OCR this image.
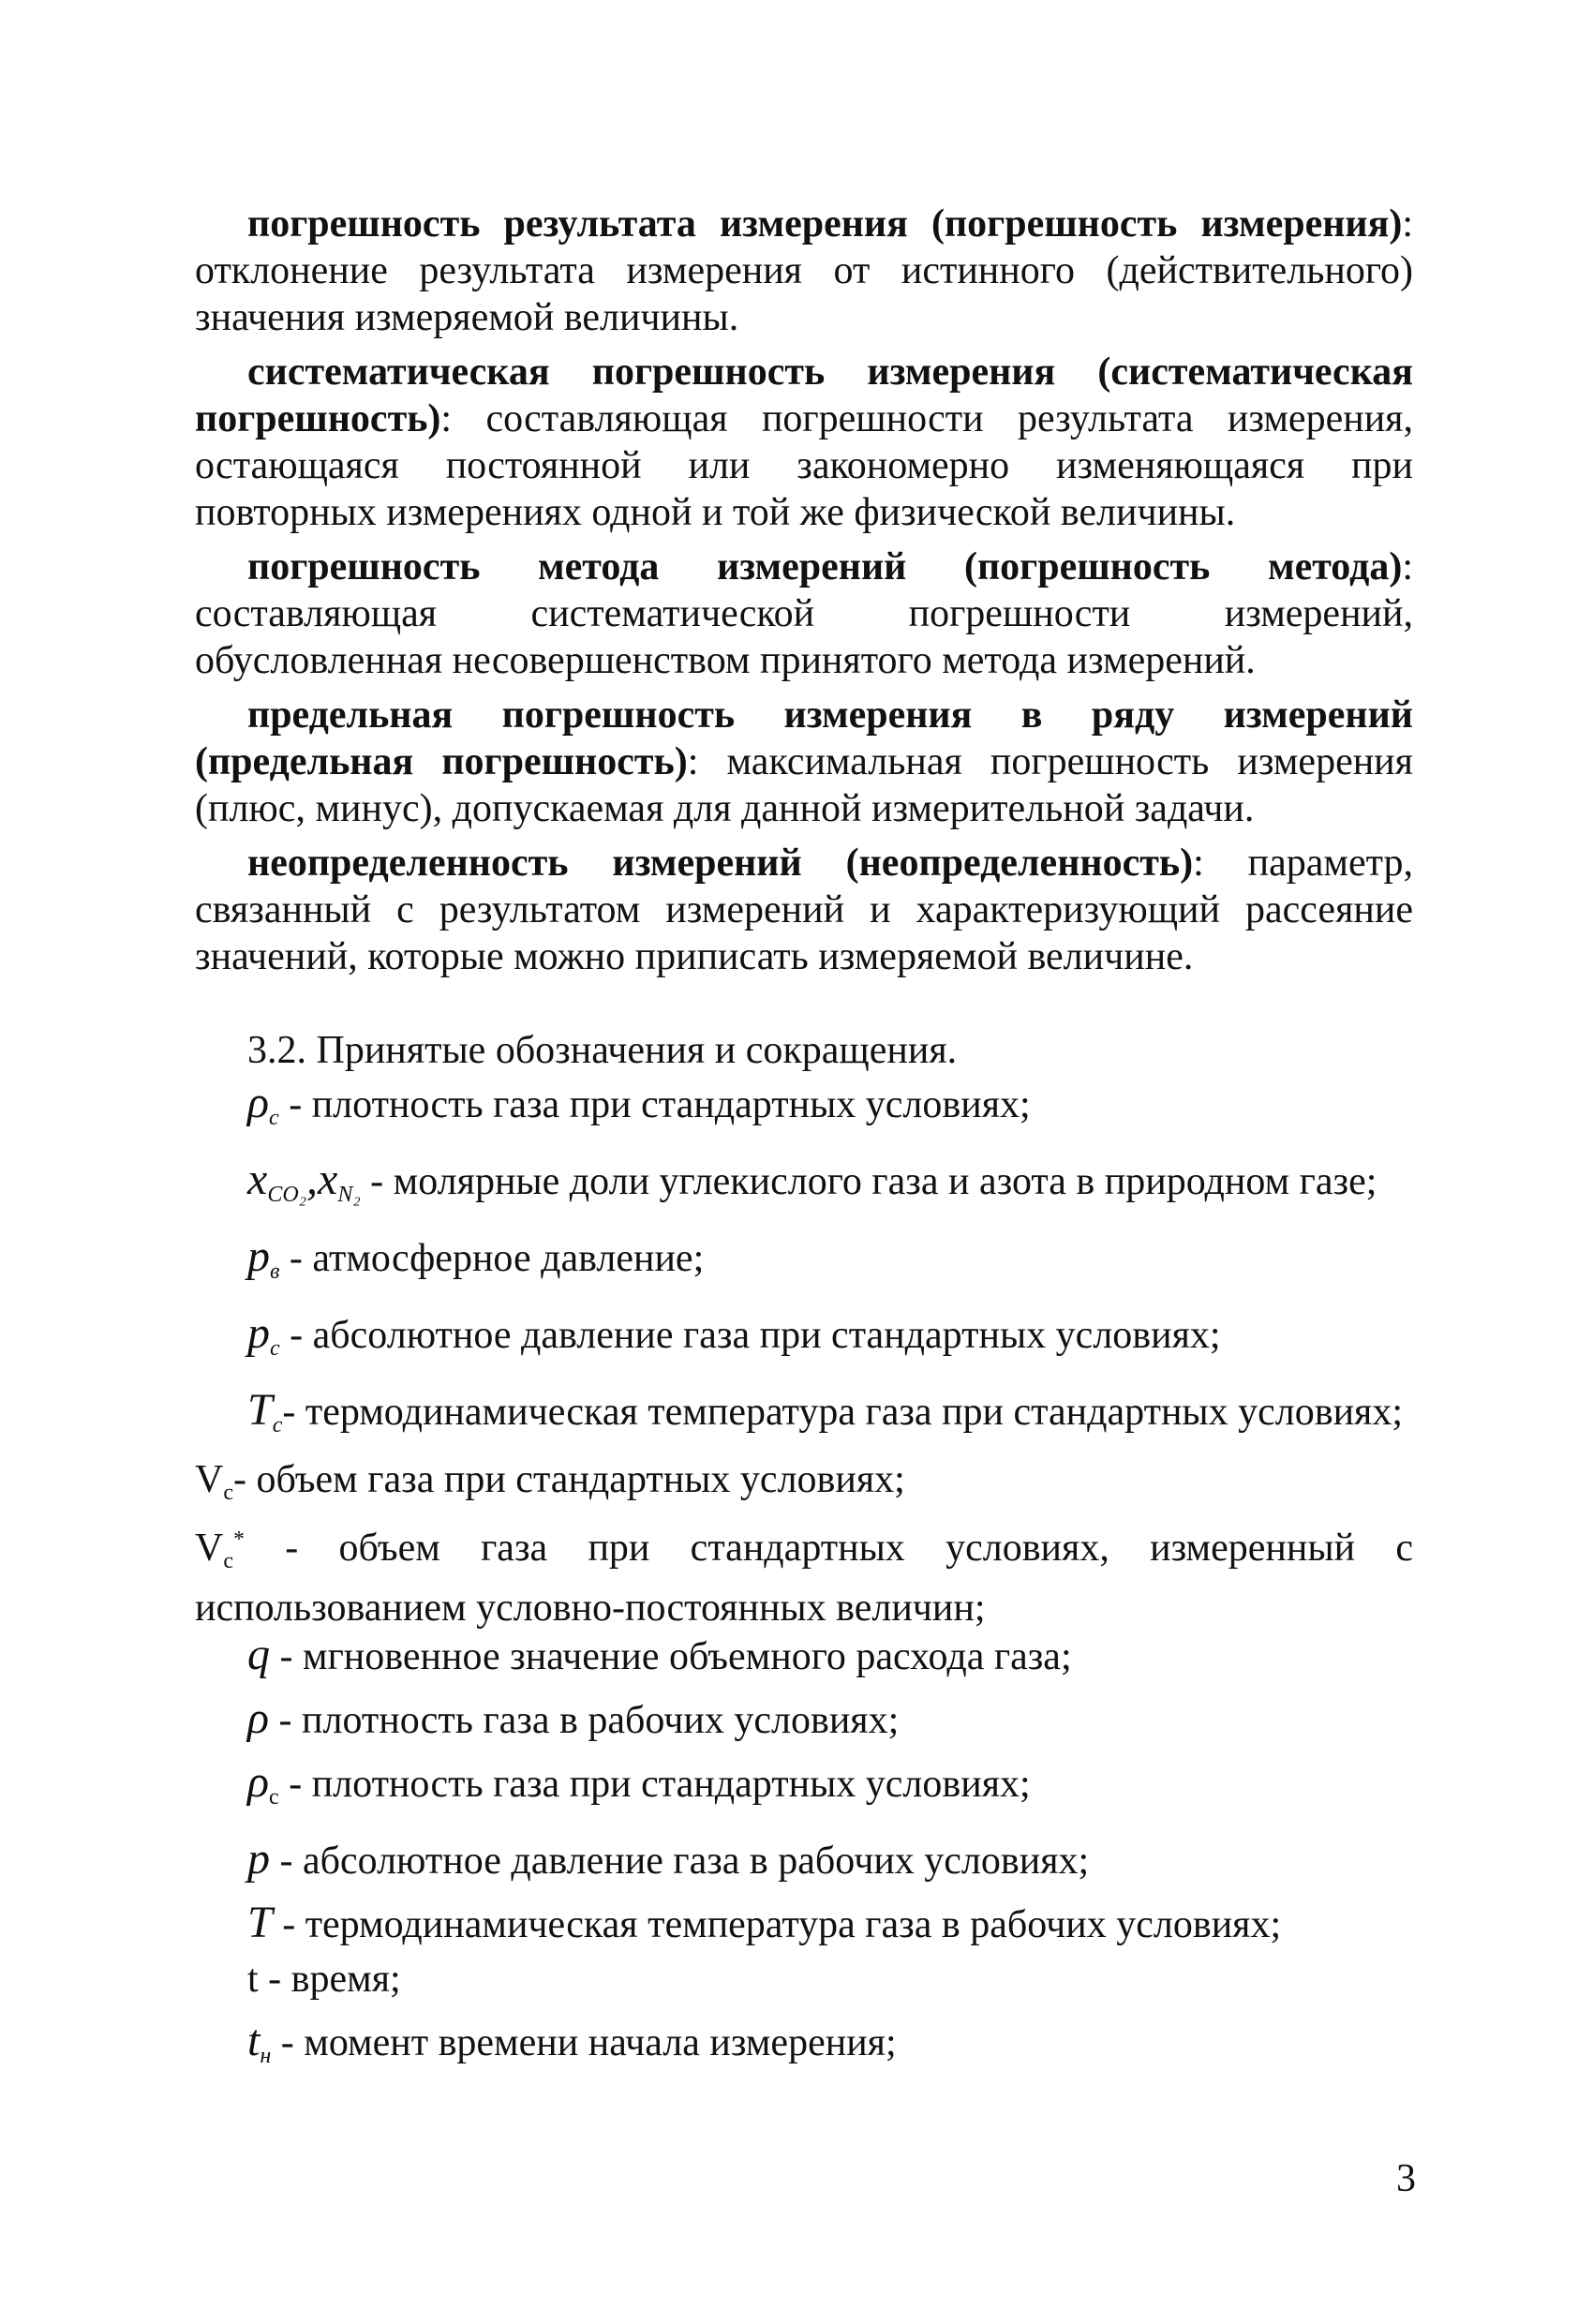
погрешность результата измерения (погрешность измерения): отклонение результата измерения от истинного (действительного) значения измеряемой величины.

систематическая погрешность измерения (систематическая погрешность): составляющая погрешности результата измерения, остающаяся постоянной или закономерно изменяющаяся при повторных измерениях одной и той же физической величины.

погрешность метода измерений (погрешность метода): составляющая систематической погрешности измерений, обусловленная несовершенством принятого метода измерений.

предельная погрешность измерения в ряду измерений (предельная погрешность): максимальная погрешность измерения (плюс, минус), допускаемая для данной измерительной задачи.

неопределенность измерений (неопределенность): параметр, связанный с результатом измерений и характеризующий рассеяние значений, которые можно приписать измеряемой величине.

3.2. Принятые обозначения и сокращения.
$\rho_с$ - плотность газа при стандартных условиях;
$x_{CO_2},x_{N_2}$ - молярные доли углекислого газа и азота в природном газе;
$p_в$ - атмосферное давление;
$p_с$ - абсолютное давление газа при стандартных условиях;
$T_с-$ термодинамическая температура газа при стандартных условиях;
$V_с-$ объем газа при стандартных условиях;
$V_с^*$ - объем газа при стандартных условиях, измеренный с использованием условно-постоянных величин;
q - мгновенное значение объемного расхода газа;
ρ - плотность газа в рабочих условиях;
$\rho_с$ - плотность газа при стандартных условиях;
p - абсолютное давление газа в рабочих условиях;
T - термодинамическая температура газа в рабочих условиях;
t - время;
$t_н$ - момент времени начала измерения;
3
